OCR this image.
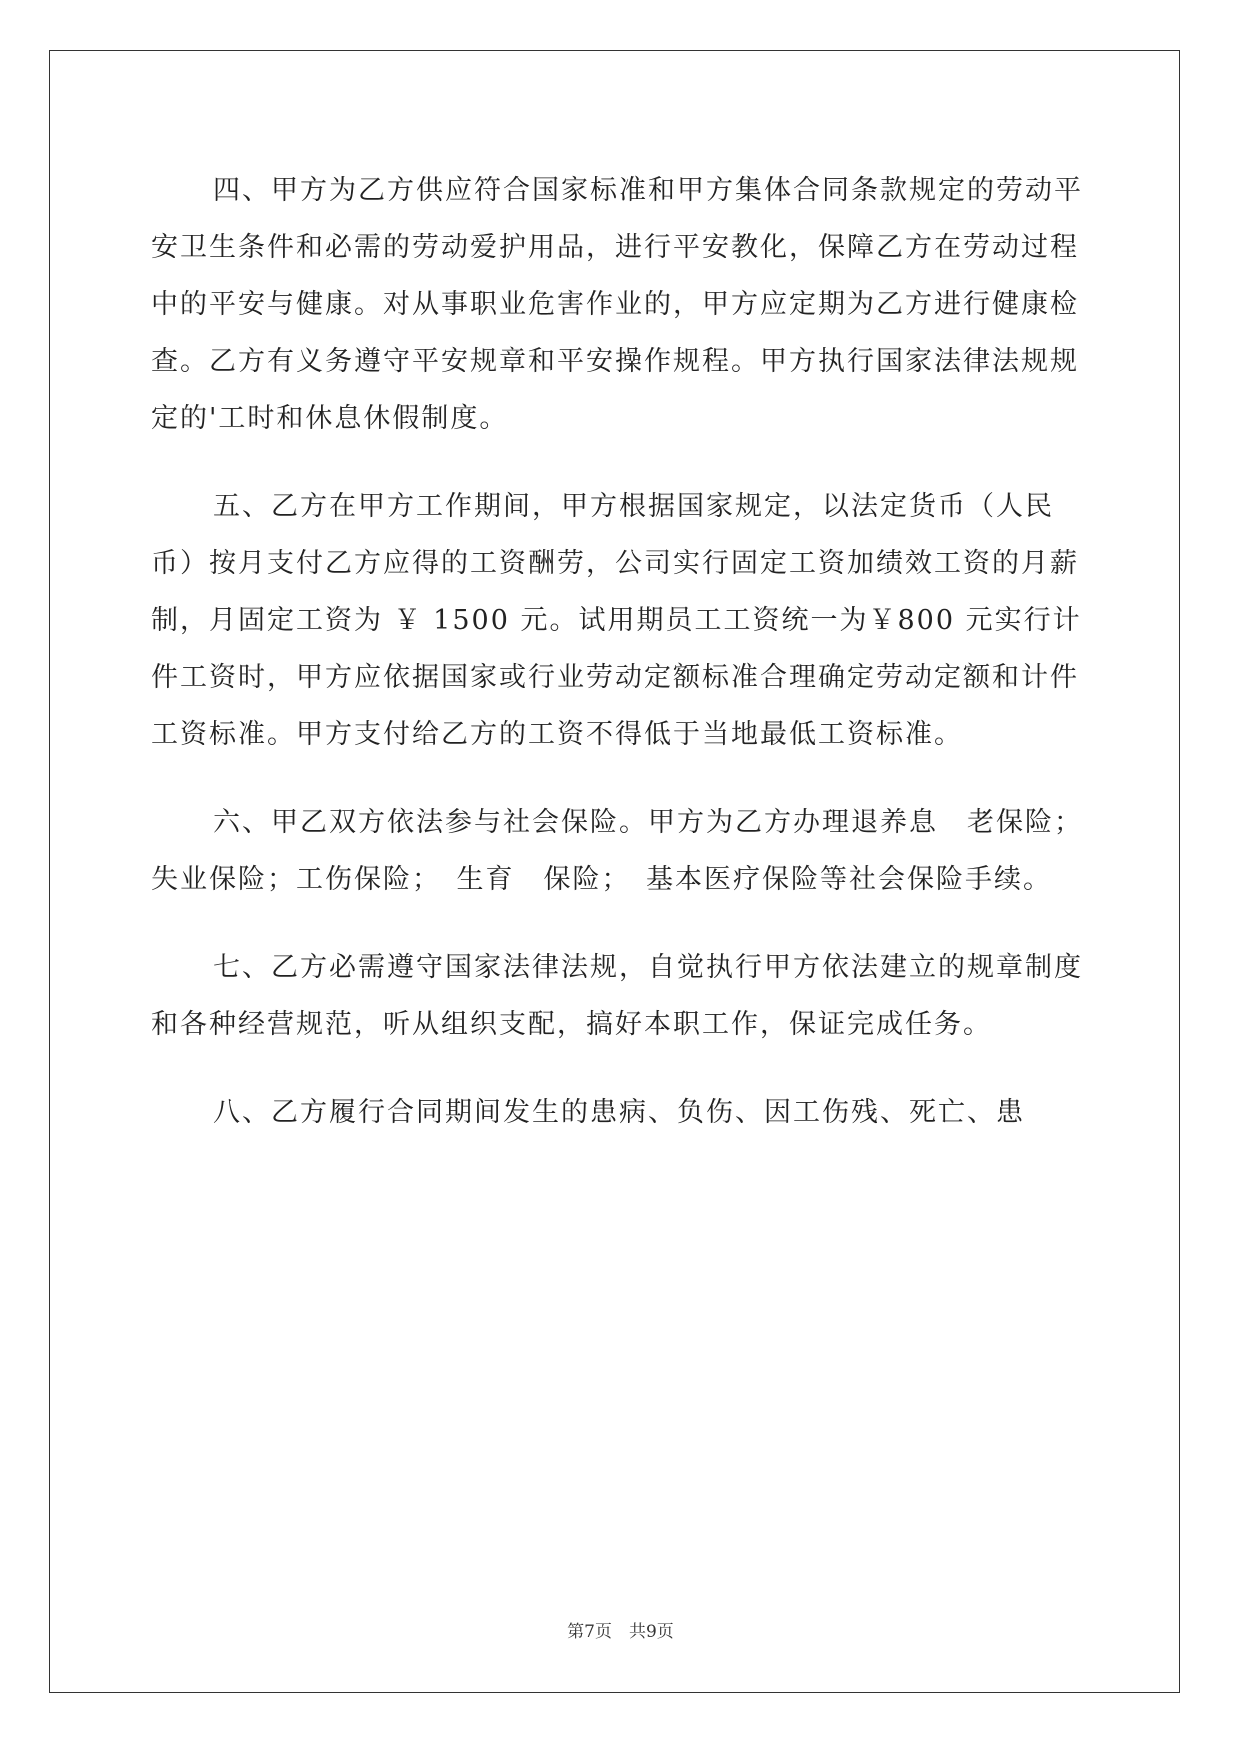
四、甲方为乙方供应符合国家标准和甲方集体合同条款规定的劳动平安卫生条件和必需的劳动爱护用品，进行平安教化，保障乙方在劳动过程中的平安与健康。对从事职业危害作业的，甲方应定期为乙方进行健康检查。乙方有义务遵守平安规章和平安操作规程。甲方执行国家法律法规规定的'工时和休息休假制度。

五、乙方在甲方工作期间，甲方根据国家规定，以法定货币（人民币）按月支付乙方应得的工资酬劳，公司实行固定工资加绩效工资的月薪制，月固定工资为 ￥ 1500 元。试用期员工工资统一为￥800 元实行计件工资时，甲方应依据国家或行业劳动定额标准合理确定劳动定额和计件工资标准。甲方支付给乙方的工资不得低于当地最低工资标准。

六、甲乙双方依法参与社会保险。甲方为乙方办理退养息　老保险；失业保险；工伤保险；　生育　保险；　基本医疗保险等社会保险手续。

七、乙方必需遵守国家法律法规，自觉执行甲方依法建立的规章制度和各种经营规范，听从组织支配，搞好本职工作，保证完成任务。

八、乙方履行合同期间发生的患病、负伤、因工伤残、死亡、患

第7页　共9页
